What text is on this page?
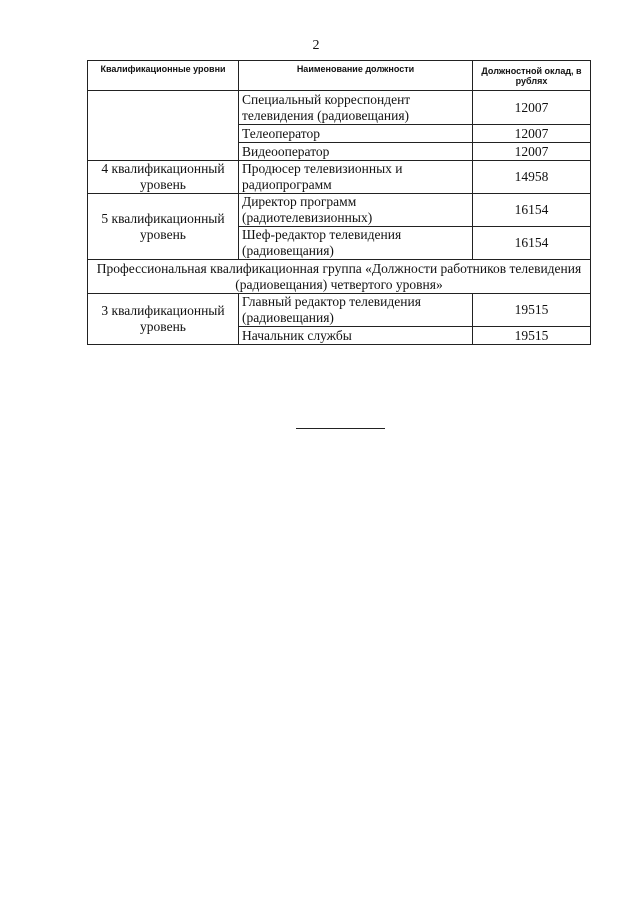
2
Квалификационные уровни	Наименование должности	Должностной оклад, в рублях
	Специальный корреспондент телевидения (радиовещания)	12007
	Телеоператор	12007
	Видеооператор	12007
4 квалификационный уровень	Продюсер телевизионных и радиопрограмм	14958
5 квалификационный уровень	Директор программ (радиотелевизионных)	16154
	Шеф-редактор телевидения (радиовещания)	16154
Профессиональная квалификационная группа «Должности работников телевидения (радиовещания) четвертого уровня»		
3 квалификационный уровень	Главный редактор телевидения (радиовещания)	19515
	Начальник службы	19515
